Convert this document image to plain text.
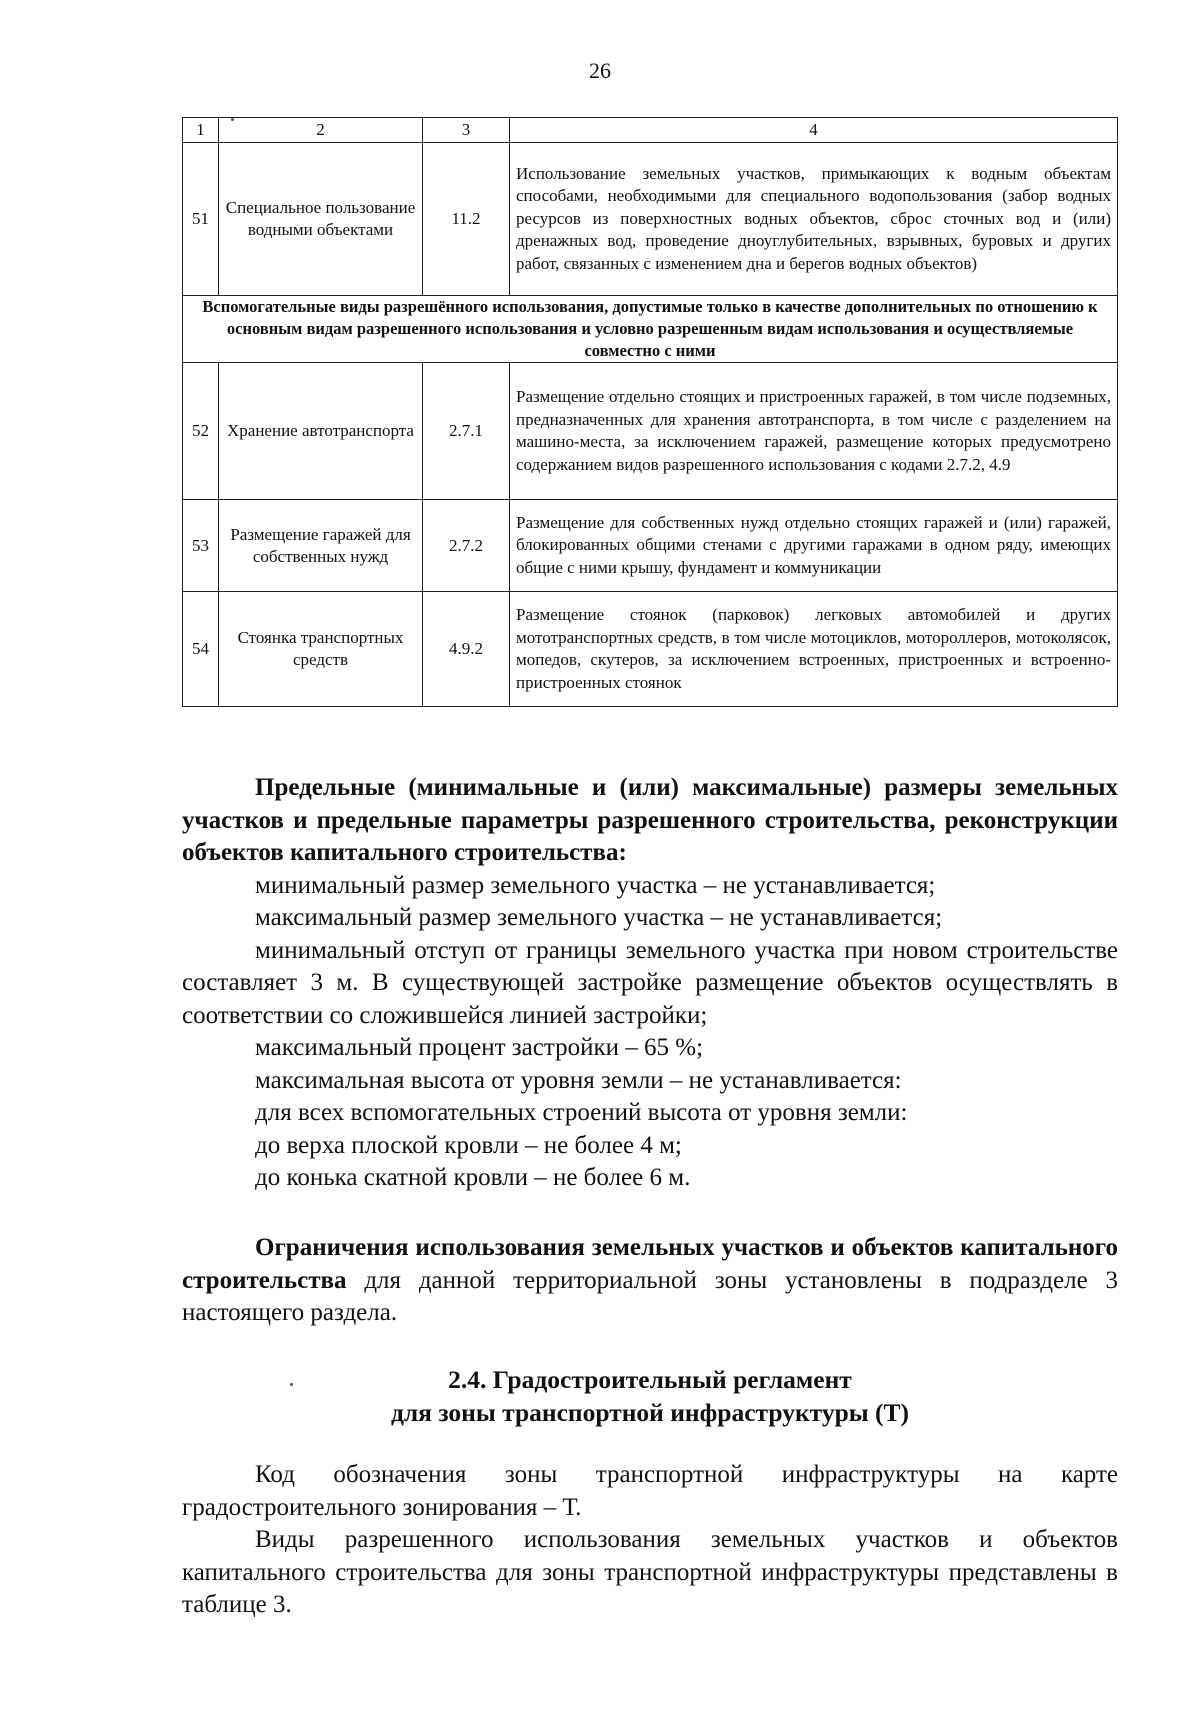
26
1	2	3	4
51	Специальное пользование водными объектами	11.2	Использование земельных участков, примыкающих к водным объектам способами, необходимыми для специального водопользования (забор водных ресурсов из поверхностных водных объектов, сброс сточных вод и (или) дренажных вод, проведение дноуглубительных, взрывных, буровых и других работ, связанных с изменением дна и берегов водных объектов)
Вспомогательные виды разрешённого использования, допустимые только в качестве дополнительных по отношению к основным видам разрешенного использования и условно разрешенным видам использования и осуществляемые совместно с ними			
52	Хранение автотранспорта	2.7.1	Размещение отдельно стоящих и пристроенных гаражей, в том числе подземных, предназначенных для хранения автотранспорта, в том числе с разделением на машино-места, за исключением гаражей, размещение которых предусмотрено содержанием видов разрешенного использования с кодами 2.7.2, 4.9
53	Размещение гаражей для собственных нужд	2.7.2	Размещение для собственных нужд отдельно стоящих гаражей и (или) гаражей, блокированных общими стенами с другими гаражами в одном ряду, имеющих общие с ними крышу, фундамент и коммуникации
54	Стоянка транспортных средств	4.9.2	Размещение стоянок (парковок) легковых автомобилей и других мототранспортных средств, в том числе мотоциклов, мотороллеров, мотоколясок, мопедов, скутеров, за исключением встроенных, пристроенных и встроенно-пристроенных стоянок

Предельные (минимальные и (или) максимальные) размеры земельных участков и предельные параметры разрешенного строительства, реконструкции объектов капитального строительства:

минимальный размер земельного участка – не устанавливается;

максимальный размер земельного участка – не устанавливается;

минимальный отступ от границы земельного участка при новом строительстве составляет 3 м. В существующей застройке размещение объектов осуществлять в соответствии со сложившейся линией застройки;

максимальный процент застройки – 65 %;

максимальная высота от уровня земли – не устанавливается:

для всех вспомогательных строений высота от уровня земли:

до верха плоской кровли – не более 4 м;

до конька скатной кровли – не более 6 м.

Ограничения использования земельных участков и объектов капитального строительства для данной территориальной зоны установлены в подразделе 3 настоящего раздела.

2.4. Градостроительный регламент

для зоны транспортной инфраструктуры (Т)

Код обозначения зоны транспортной инфраструктуры на карте градостроительного зонирования – Т.

Виды разрешенного использования земельных участков и объектов капитального строительства для зоны транспортной инфраструктуры представлены в таблице 3.
